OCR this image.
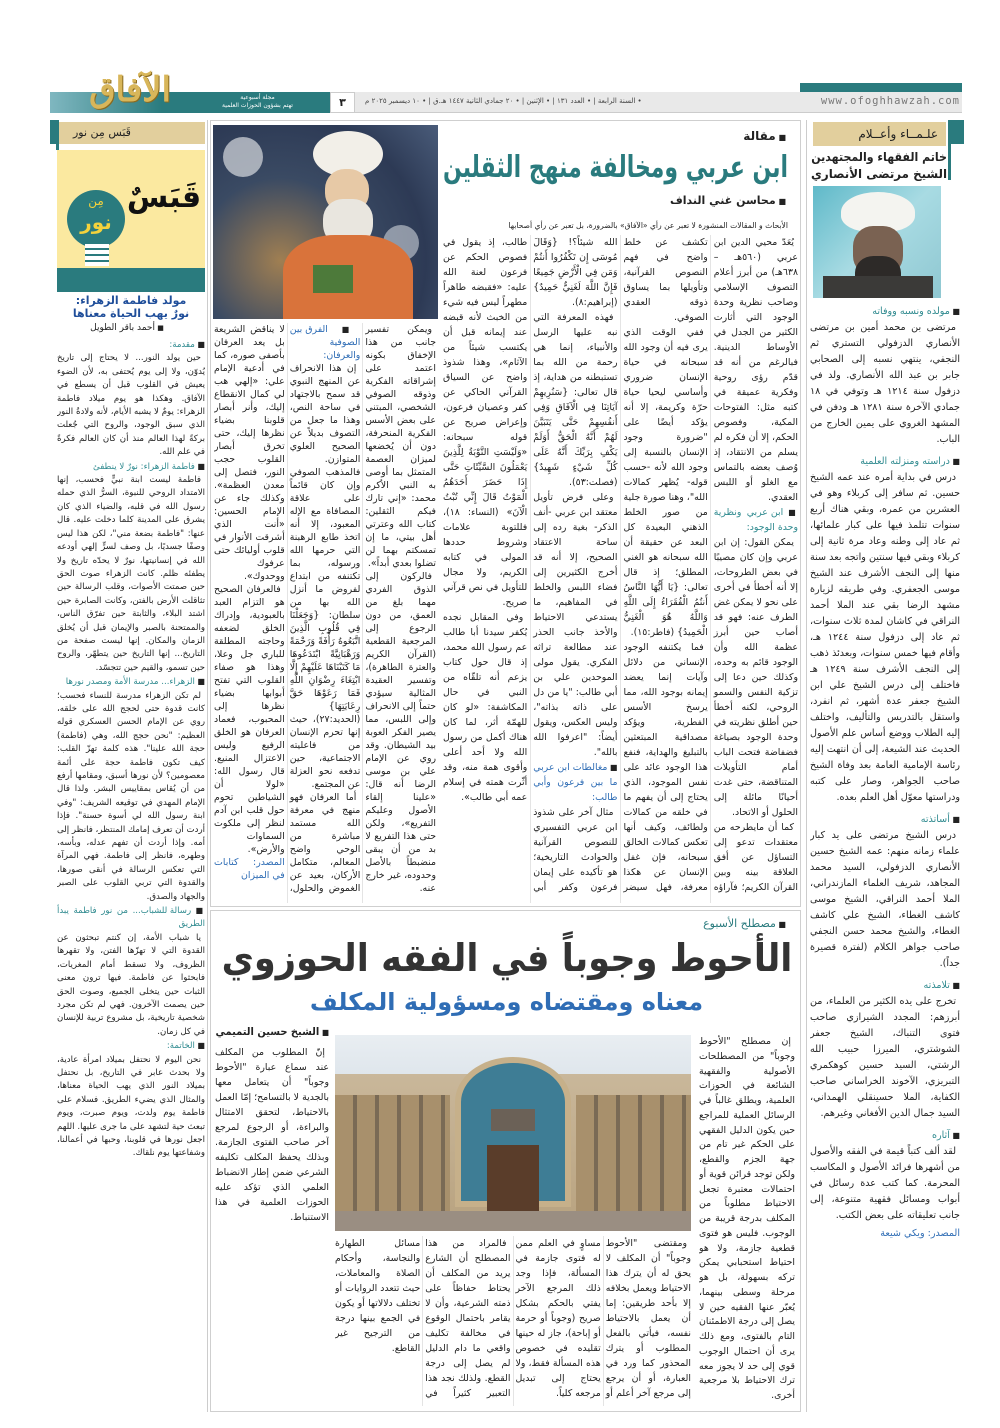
www.ofoghhawzah.com
• السنة الرابعة | • العدد ١٣١ | • الإثنين | • ٢٠ جمادي الثانية ١٤٤٧ هـ.ق | • ١٠ ديسمبر ٢٠٢٥ م
٣
الآفاق	مجلة أسبوعية
تهتم بشؤون الحوزات العلمية
علـمــاء وأعــلام
خاتم الفقهاء والمجتهدين
الشيخ مرتضى الأنصاري
■ مولده ونسبه ووفاته

مرتضى بن محمد أمين بن مرتضى الأنصاري الدزفولي التستري ثم النجفي، ينتهي نسبه إلى الصحابي جابر بن عبد الله الأنصاري. ولد في دزفول سنة ١٢١٤ هـ وتوفي في ١٨ جمادي الآخرة سنة ١٢٨١ هـ ودفن في المشهد الغروي على يمين الخارج من الباب.

■ دراسته ومنزلته العلمية

درس في بداية أمره عند عمه الشيخ حسين. ثم سافر إلى كربلاء وهو في العشرين من عمره، وبقي هناك أربع سنوات تتلمذ فيها على كبار علمائها، ثم عاد إلى وطنه وعاد مرة ثانية إلى كربلاء وبقي فيها سنتين واتجه بعد سنة منها إلى النجف الأشرف عند الشيخ موسى الجعفري. وفي طريقه لزيارة مشهد الرضا بقي عند الملا أحمد النراقي في كاشان لمدة ثلاث سنوات، ثم عاد إلى دزفول سنة ١٢٤٤ هـ، وأقام فيها خمس سنوات، وبعدئذ ذهب إلى النجف الأشرف سنة ١٢٤٩ هـ فاختلف إلى درس الشيخ علي ابن الشيخ جعفر عدة أشهر، ثم انفرد، واستقل بالتدريس والتأليف، واختلف إليه الطلاب ووضع أساس علم الأصول الحديث عند الشيعة، إلى أن انتهت إليه رئاسة الإمامية العامة بعد وفاة الشيخ صاحب الجواهر، وصار على كتبه ودراستها معوّل أهل العلم بعده.

■ أساتذته

درس الشيخ مرتضى على يد كبار علماء زمانه منهم: عمه الشيخ حسين الأنصاري الدزفولي، السيد محمد المجاهد، شريف العلماء المازندراني، الملا أحمد النراقي، الشيخ موسى كاشف الغطاء، الشيخ علي كاشف الغطاء، والشيخ محمد حسن النجفي صاحب جواهر الكلام (لفترة قصيرة جداً).

■ تلامذته

تخرج على يده الكثير من العلماء، من أبرزهم: المجدد الشيرازي صاحب فتوى التنباك، الشيخ جعفر الشوشتري، الميرزا حبيب الله الرشتي، السيد حسين كوهكمري التبريزي، الآخوند الخراساني صاحب الكفاية، الملا حسينقلي الهمداني، السيد جمال الدين الأفغاني وغيرهم.

■ آثاره

لقد ألف كتباً قيمة في الفقه والأصول من أشهرها فرائد الأصول و المكاسب المحرمة. كما كتب عدة رسائل في أبواب ومسائل فقهية متنوعة، إلى جانب تعليقاته على بعض الكتب.

المصدر: ويكي شيعة
■ مقالة
ابن عربي ومخالفة منهج الثقلين
■ محاسن غني النداف
الأبحاث و المقالات المنشورة لا تعبر عن رأي «الآفاق» بالضرورة، بل تعبر عن رأي أصحابها

يُعَدّ محيي الدين ابن عربي (٥٦٠هـ – ٦٣٨هـ) من أبرز أعلام التصوف الإسلامي وصاحب نظرية وحدة الوجود التي أثارت الكثير من الجدل في الأوساط الدينية. فبالرغم من أنه قد قدّم رؤى روحية وفكرية عميقة في كتبه مثل: الفتوحات المكية، وفصوص الحكم، إلا أن فكره لم يسلم من الانتقاد، إذ وُصف بعضه بالتماس مع الغلو أو اللبس العقدي.

■ ابن عربي ونظرية وحدة الوجود:

يمكن القول: إن ابن عربي وإن كان مصيبًا في بعض الطروحات، إلا أنه أخطأ في أخرى على نحو لا يمكن غض الطرف عنه: فهو قد أصاب حين أبرز عظمة الله وأن الوجود قائم به وحده، وكذلك حين دعا إلى تزكية النفس والسمو الروحي، لكنه أخطأ حين أطلق نظريته في وحدة الوجود بصياغة فضفاضة فتحت الباب أمام التأويلات المتناقضة، حتى غدت أحيانًا مائلة إلى الحلول أو الاتحاد.

كما أن مايطرحه من معتقدات تدعو إلى التساؤل عن أفق العلاقة بينه وبين القرآن الكريم؛ فآراؤه تكشف عن خلط واضح في فهم النصوص القرآنية، وتأويلها بما يساوق ذوقه العقدي الصوفي.

ففي الوقت الذي يرى فيه أن وجود الله سبحانه في حياة الإنسان ضروري وأساسي ليحيا حياة حرّة وكريمة، إلا أنه يؤكد أيضًا على "ضرورة وجود الإنسان بالنسبة إلى وجود الله لأنه -حسب قوله- يُظهر كمالات الله"، وهنا صورة جلية من صور الخلط الذهني البعيدة كل البعد عن حقيقة أن الله سبحانه هو الغني المطلق؛ إذ قال تعالى: {يَا أَيُّهَا النَّاسُ أَنتُمُ الْفُقَرَاءُ إِلَى اللَّهِ وَاللَّهُ هُوَ الْغَنِيُّ الْحَمِيدُ} (فاطر:١٥).

فما يكتنفه الوجود الإنساني من دلائل وآيات إنما يعضد إيمانه بوجود الله، مما يرسخ الأسس الفطرية، ويؤكد مصداقية المبتعثين بالتبليغ والهداية، فنفع هذا الوجود عائد على نفس الموجود، الذي يحتاج إلى أن يفهم ما في خلقه من كمالات ولطائف، وكيف أنها تعكس كمالات الخالق سبحانه، فإن غفل الإنسان عن هكذا معرفة، فهل سيضر الله شيئاً؟! {وَقَالَ مُوسَى إِن تَكْفُرُوا أَنتُمْ وَمَن فِي الْأَرْضِ جَمِيعًا فَإِنَّ اللَّهَ لَغَنِيٌّ حَمِيدٌ} (إبراهيم:٨).

فهذه المعرفة التي نبه عليها الرسل والأنبياء، إنما هي رحمة من الله بما تستبطنه من هداية، إذ قال تعالى: {سَنُرِيهِمْ آيَاتِنَا فِي الْآفَاقِ وَفِي أَنفُسِهِمْ حَتَّى يَتَبَيَّنَ لَهُمْ أَنَّهُ الْحَقُّ أَوَلَمْ يَكْفِ بِرَبِّكَ أَنَّهُ عَلَى كُلِّ شَيْءٍ شَهِيدٌ} (فصلت:٥٣).

وعلى فرض تأويل معتقد ابن عربي -أنف الذكر- بغية رده إلى ساحة الاعتقاد الصحيح، إلا أنه قد أخرج الكثيرين إلى فضاء اللبس والخلط في المفاهيم، ما يستدعي الاحتياط والأخذ جانب الحذر عند مطالعة تراثه الفكري. يقول مولى الموحدين علي بن أبي طالب: "يا من دل على ذاته بذاته"، وليس العكس، ويقول أيضاً: "اعرفوا الله بالله".

■ مغالطات ابن عربي ما بين فرعون وأبي طالب:

مثال آخر على شذوذ ابن عربي التفسيري للنصوص القرآنية والحوادث التاريخية؛ هو تأكيده على إيمان فرعون وكفر أبي طالب، إذ يقول في فصوص الحكم عن فرعون لعنة الله عليه: «فقبضه طاهراً مطهراً ليس فيه شيء من الخبث لأنه قبضه عند إيمانه قبل أن يكتسب شيئاً من الآثام»، وهذا شذوذ واضح عن السياق القرآني الحاكي عن كفر وعصيان فرعون، وإعراض صريح عن قوله سبحانه: «وَلَيْسَتِ التَّوْبَةُ لِلَّذِينَ يَعْمَلُونَ السَّيِّئَاتِ حَتَّى إِذَا حَضَرَ أَحَدَهُمُ الْمَوْتُ قَالَ إِنِّي تُبْتُ الْآنَ» (النساء: ١٨)، فللتوبة علامات وشروط حددها المولى في كتابه الكريم، ولا مجال للتأويل في نص قرآني صريح.

وفي المقابل نجده يُكفر سيدنا أبا طالب عم رسول الله محمد، إذ قال حول كتاب يزعم أنه تلقّاه من النبي في حال المكاشفة: «لو كان للهمّة أثر، لما كان هناك أكمل من رسول الله ولا أحد أعلى وأقوى همة منه، وقد أثّرت همته في إسلام عمه أبي طالب».

ويمكن تفسير جانب من هذا الإخفاق بكونه اعتمد على إشراقاته الفكرية وذوقه الصوفي الشخصي، المبتني على بعض الأسس الفكرية المنحرفة، دون أن يُخضعها لميزان العصمة المتمثل بما أوصى به النبي الأكرم محمد: «إني تارك فيكم الثقلين: كتاب الله وعترتي أهل بيتي، ما إن تمسكتم بهما لن تضلوا بعدي أبداً».

فالركون إلى الذوق الفردي مهما بلغ من العمق، من دون الرجوع إلى المرجعية القطعية (القرآن الكريم والعترة الطاهرة)، وتفسير العقيدة المثالية سيؤدي حتماً إلى الانحراف وإلى اللبس، مما يصير الفكر العوبة بيد الشيطان. وقد روي عن الإمام علي بن موسى الرضا أنه قال: «علينا إلقاء الأصول وعليكم التفريع»، ولكن حتى هذا التفريع لا بد من أن يبقى منضبطاً بالأصل وحدوده، غير خارج عنه.

■ الفرق بين الصوفية والعرفان:

إن هذا الانحراف عن المنهج النبوي قد سمح بالاجتهاد في ساحة النص، وهذا ما جعل من التصوف بديلاً عن الصحيح العلوي المتوازن. فالمذهب الصوفي وإن كان قائماً على علاقة المصافاة مع الإله المعبود، إلا أنه اتخذ طابع الرهبنة التي حرمها الله ورسوله، بما تكتنفه من ابتداع لفروض ما أنزل الله بها من سلطان: {وَجَعَلْنَا فِي قُلُوبِ الَّذِينَ اتَّبَعُوهُ رَأْفَةً وَرَحْمَةً وَرَهْبَانِيَّةً ابْتَدَعُوهَا مَا كَتَبْنَاهَا عَلَيْهِمْ إِلَّا ابْتِغَاءَ رِضْوَانِ اللَّهِ فَمَا رَعَوْهَا حَقَّ رِعَايَتِهَا} (الحديد:٢٧)، حيث إنها تحرم الإنسان من فاعليته الاجتماعية، حين تدفعه نحو العزلة عن المجتمع.

أما العرفان فهو منهج في معرفة الله مستمد مباشرة من الوحي واضح المعالم، متكامل الأركان، بعيد عن الغموض والحلول، لا يناقض الشريعة بل يعد العرفان بأصفى صوره، كما في أدعية الإمام علي: «إلهي هب لي كمال الانقطاع إليك، وأنر أبصار قلوبنا بضياء نظرها إليك، حتى تخرق أبصار القلوب حجب النور، فتصل إلى معدن العظمة». وكذلك جاء عن الإمام الحسين: «أنت الذي أشرقت الأنوار في قلوب أوليائك حتى عرفوك ووحدوك».

فالعرفان الصحيح هو التزام العبد بالعبودية، وإدراك الخلق لضعفه وحاجته المطلقة للباري جل وعلا، وهذا هو صفاء القلوب التي تفتح أبوابها بضياء نظرها إلى المحبوب، فعماد العرفان هو الخلق الرفيع وليس الاعتزال المنيع. قال رسول الله: «لولا أن الشياطين تحوم حول قلب ابن آدم لنظر إلى ملكوت السماوات والأرض».

المصدر: كتابات في الميزان
■ مصطلح الأسبوع
الأحوط وجوباً في الفقه الحوزوي
معناه ومقتضاه ومسؤولية المكلف
■ الشيخ حسين التميمي

إن مصطلح "الأحوط وجوباً" من المصطلحات الأصولية والفقهية الشائعة في الحوزات العلمية، ويطلق غالباً في الرسائل العملية للمراجع حين يكون الدليل الفقهي على الحكم غير تام من جهة الجزم والقطع، ولكن توجد قرائن قوية أو احتمالات معتبرة تجعل الاحتياط مطلوباً من المكلف بدرجة قريبة من الوجوب. فليس هو فتوى قطعية جازمة، ولا هو احتياط استحبابي يمكن تركه بسهولة، بل هو مرحلة وسطى بينهما، يُعبّر عنها الفقيه حين لا يصل إلى درجة الاطمئنان التام بالفتوى، ومع ذلك يرى أن احتمال الوجوب قوي إلى حد لا يجوز معه ترك الاحتياط بلا مرجعية أخرى.

ومقتضى "الأحوط وجوباً" أن المكلف لا يحق له أن يترك هذا الاحتياط ويعمل بخلافه إلا بأحد طريقين: إما أن يعمل بالاحتياط نفسه، فيأتي بالفعل المطلوب أو يترك المحذور كما ورد في العبارة، أو أن يرجع إلى مرجع آخر أعلم أو مساوٍ في العلم ممن له فتوى جازمة في المسألة، فإذا وجد ذلك المرجع الآخر يفتي بالحكم بشكل صريح (وجوباً أو حرمة أو إباحة)، جاز له حينها تقليده في خصوص هذه المسألة فقط، ولا يحتاج إلى تبديل مرجعه كلياً.

فالمراد من هذا المصطلح أن الشارع يريد من المكلف أن يحتاط حفاظاً على ذمته الشرعية، وأن لا يقامر باحتمال الوقوع في مخالفة تكليف واقعي ما دام الدليل لم يصل إلى درجة القطع. ولذلك نجد هذا التعبير كثيراً في مسائل الطهارة والنجاسة، وأحكام الصلاة والمعاملات، حيث تتعدد الروايات أو تختلف دلالاتها أو يكون في الجمع بينها درجة من الترجيح غير القاطع.

إنّ المطلوب من المكلف عند سماع عبارة "الأحوط وجوباً" أن يتعامل معها بالجدية لا بالتسامح؛ إمّا العمل بالاحتياط، لتحقق الامتثال والبراءة، أو الرجوع لمرجع آخر صاحب الفتوى الجازمة. وبذلك يحفظ المكلف تكليفه الشرعي ضمن إطار الانضباط العلمي الذي تؤكد عليه الحوزات العلمية في هذا الاستنباط.

قَبَس مِن نور
مِن
نور
قَبَسٌ
مولد فاطمة الزهراء:
نورٌ يهب الحياة معناها
■ أحمد باقر الطويل
■ مقدمة:

حين يولد النور... لا يحتاج إلى تاريخ يُدوّن، ولا إلى يوم يُحتفى به، لأن الضوء يعيش في القلوب قبل أن يسطع في الآفاق. وهكذا هو يوم ميلاد فاطمة الزهراء: يومٌ لا يشبه الأيام، لأنه ولادةُ النور الذي سبق الوجود، والروح التي جُعلت بركةً لهذا العالم منذ أن كان العالم فكرةً في علم الله.

■ فاطمة الزهراء: نورٌ لا ينطفئ

فاطمة ليست ابنة نبيٍّ فحسب، إنها الامتداد الروحي للنبوة، السرُّ الذي حمله رسول الله في قلبه، والضياء الذي كان يشرق على المدينة كلما دخلت عليه. قال عنها: "فاطمة بضعة مني"، لكن هذا ليس وصفًا جسديًا، بل وصف لسرٍّ إلهي أودعه الله في إنسانيتها، نورٌ لا يحدّه تاريخ ولا يطفئه ظلم. كانت الزهراء صوت الحق حين صمتت الأصوات، وقلب الرسالة حين تثاقلت الأرض بالفتن، وكانت الصابرة حين اشتد البلاء، والثابتة حين تفرّق الناس، والممتحنة بالصبر والإيمان قبل أن يُخلق الزمان والمكان. إنها ليست صفحة من التاريخ... إنها التاريخ حين يتطهّر، والروح حين تسمو، والقيم حين تتجسّد.

■ الزهراء... مدرسة الأمة ومصدر نورها

لم تكن الزهراء مدرسة للنساء فحسب؛ كانت قدوة حتى لحجج الله على خلقه، روي عن الإمام الحسن العسكري قوله العظيم: "نحن حجج الله، وهي (فاطمة) حجة الله علينا". هذه كلمة تهزّ القلب: كيف تكون فاطمة حجة على أئمة معصومين؟ لأن نورها أسبق، ومقامها أرفع من أن يُقاس بمقاييس البشر. ولذا قال الإمام المهدي في توقيعه الشريف: "وفي ابنة رسول الله لي أسوة حسنة". فإذا أردت أن تعرف إمامك المنتظر، فانظر إلى أمه. وإذا أردت أن تفهم عدله، وبأسه، وطهره، فانظر إلى فاطمة. فهي المرآة التي تعكس الرسالة في أنقى صورها، والقدوة التي تربي القلوب على الصبر والجهاد والصدق.

■ رسالة للشباب... من نور فاطمة يبدأ الطريق

يا شباب الأمة، إن كنتم تبحثون عن القدوة التي لا تهزّها الفتن، ولا تقهرها الظروف، ولا تسقط أمام المغريات، فابحثوا عن فاطمة. فيها ترون معنى الثبات حين يتخلى الجميع، وصوت الحق حين يصمت الآخرون. فهي لم تكن مجرد شخصية تاريخية، بل مشروع تربية للإنسان في كل زمان.

■ الخاتمة:

نحن اليوم لا نحتفل بميلاد امرأة عادية، ولا بحدث عابر في التاريخ، بل نحتفل بميلاد النور الذي يهب الحياة معناها، والمثال الذي يضيء الطريق. فسلام على فاطمة يوم ولدت، ويوم صبرت، ويوم تبعث حية لتشهد على ما جرى عليها. اللهم اجعل نورها في قلوبنا، وحبها في أعمالنا، وشفاعتها يوم نلقاك.
